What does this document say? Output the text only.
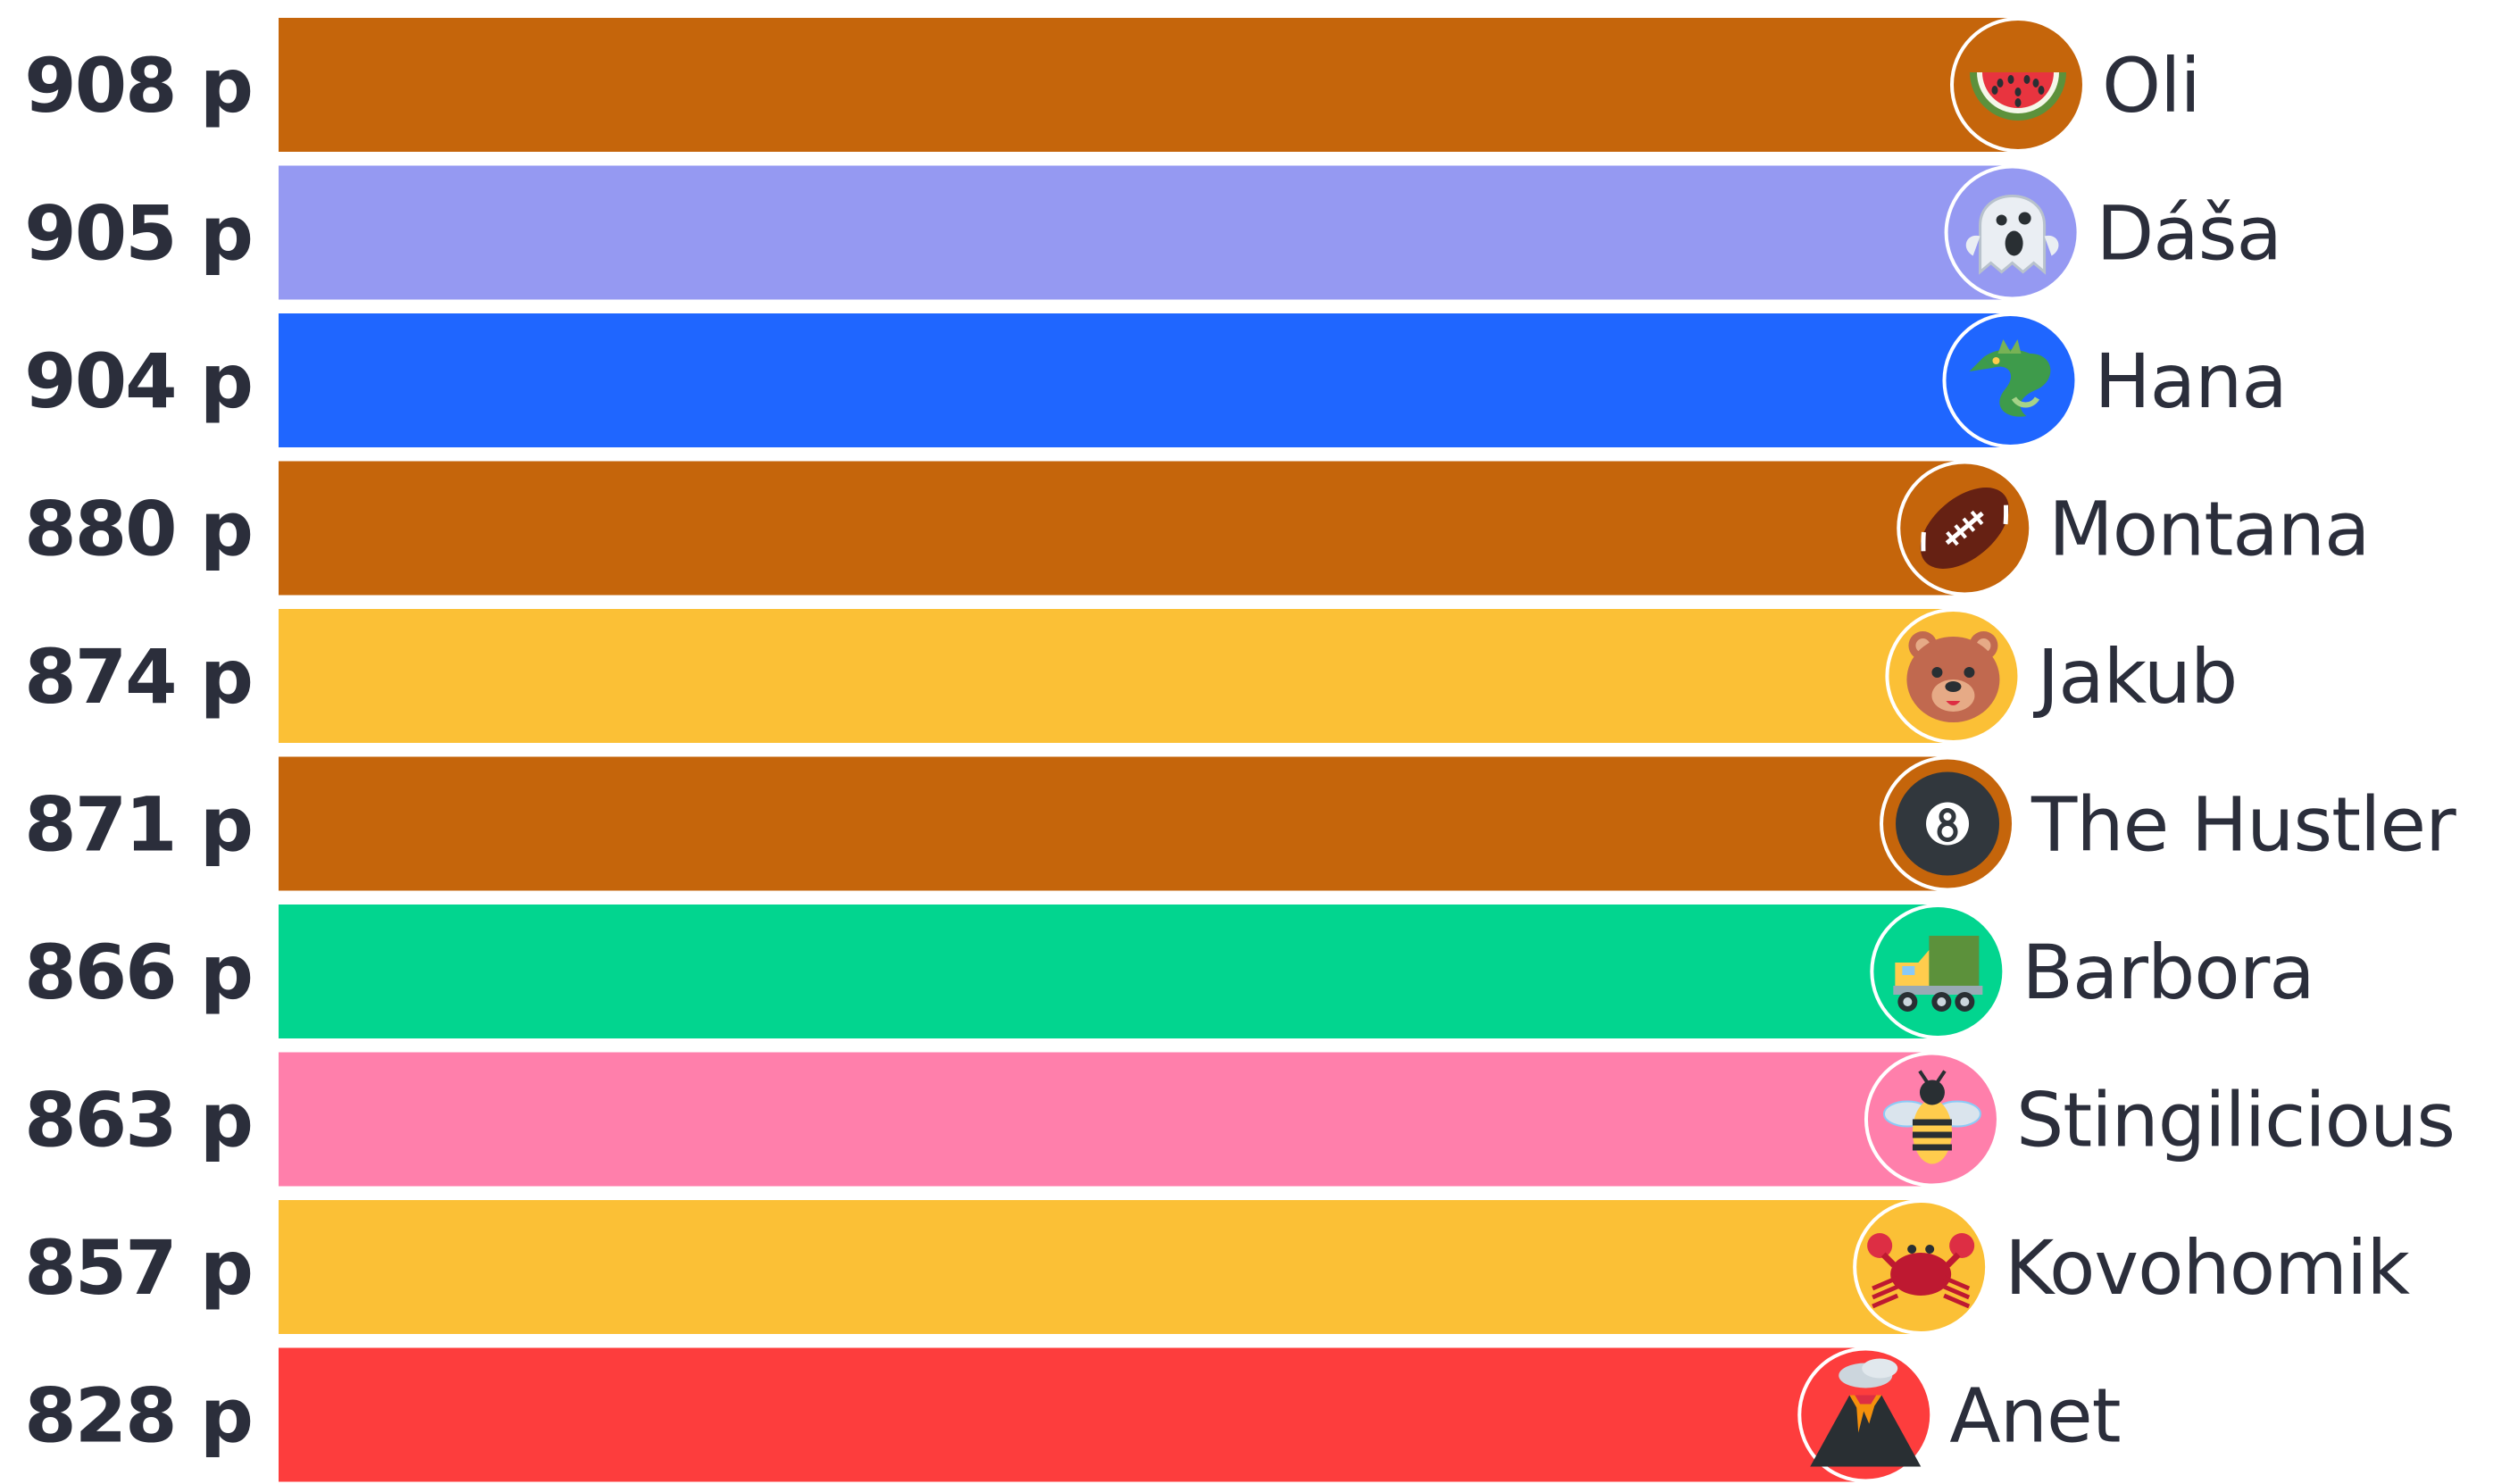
908 p	Oli
905 p	Dáša
904 p	Hana
880 p	Montana
874 p	Jakub
871 p	The Hustler
866 p	Barbora
863 p	Stingilicious
857 p	Kovohomik
828 p	Anet
